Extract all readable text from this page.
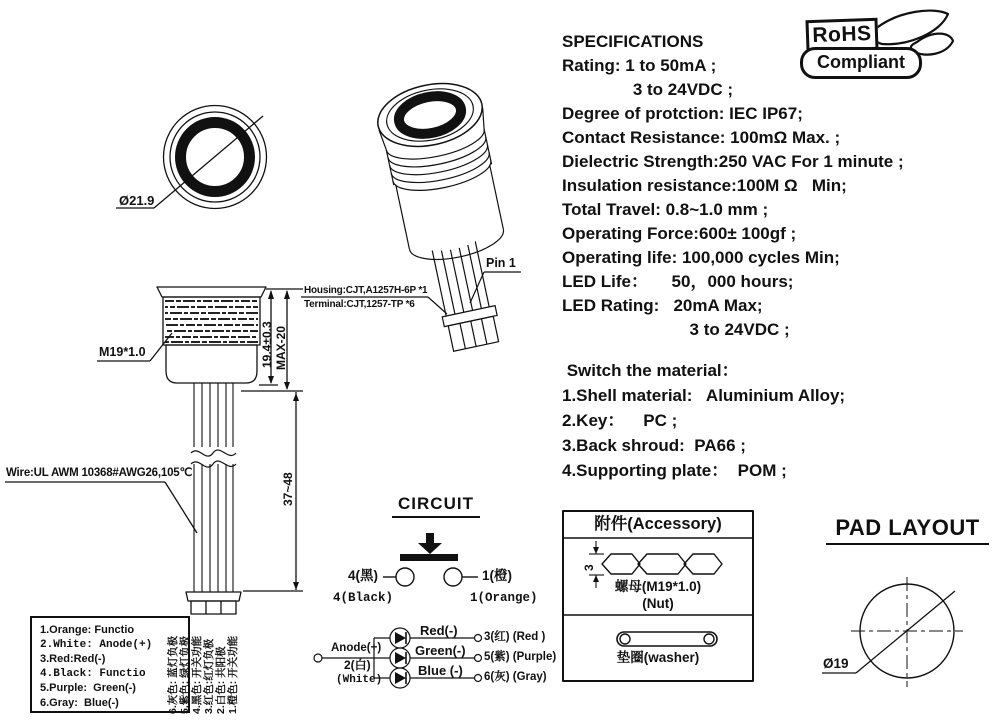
SPECIFICATIONS
Rating: 1 to 50mA ;
3 to 24VDC ;
Degree of protction: IEC IP67;
Contact Resistance: 100mΩ Max. ;
Dielectric Strength:250 VAC For 1 minute ;
Insulation resistance:100M Ω   Min;
Total Travel: 0.8~1.0 mm ;
Operating Force:600± 100gf ;
Operating life: 100,000 cycles Min;
LED Life：     50，000 hours;
LED Rating:   20mA Max;
3 to 24VDC ;
Switch the material：
1.Shell material:   Aluminium Alloy;
2.Key：    PC ;
3.Back shroud:  PA66 ;
4.Supporting plate：  POM ;
RoHS
Compliant
Ø21.9
Pin 1
Housing:CJT,A1257H-6P *1
Terminal:CJT,1257-TP *6
M19*1.0	19.4±0.3 MAX-20
37~48
Wire:UL AWM 10368#AWG26,105℃
CIRCUIT
4(黑)
4(Black)
1(橙)
1(Orange)
Anode(+)
2(白)
(White)
Red(-)
Green(-)
Blue (-)
3(红) (Red )
5(紫) (Purple)
6(灰) (Gray)
附件(Accessory)
3
螺母(M19*1.0)
(Nut)
垫圈(washer)
PAD LAYOUT
Ø19
1.Orange: Functio
2.White: Anode(+)
3.Red:Red(-)
4.Black: Functio
5.Purple:  Green(-)
6.Gray:  Blue(-)	6.灰色: 蓝灯负极 5.紫色: 绿灯负极 4.黑色: 开关功能 3.红色:红灯负极 2.白色: 共阳极 1.橙色: 开关功能
